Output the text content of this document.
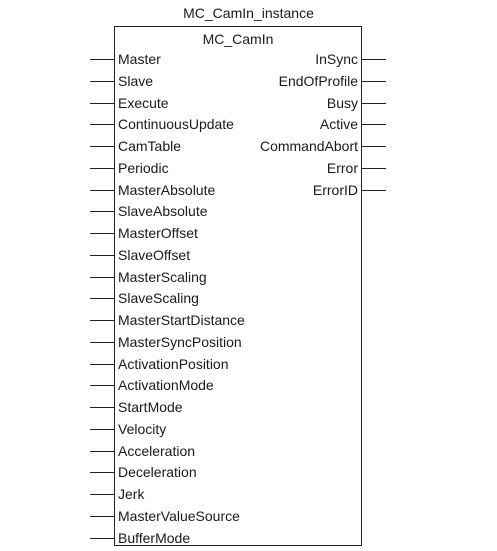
MC_CamIn_instance
MC_CamIn
Master
Slave
Execute
ContinuousUpdate
CamTable
Periodic
MasterAbsolute
SlaveAbsolute
MasterOffset
SlaveOffset
MasterScaling
SlaveScaling
MasterStartDistance
MasterSyncPosition
ActivationPosition
ActivationMode
StartMode
Velocity
Acceleration
Deceleration
Jerk
MasterValueSource
BufferMode
InSync
EndOfProfile
Busy
Active
CommandAbort
Error
ErrorID
